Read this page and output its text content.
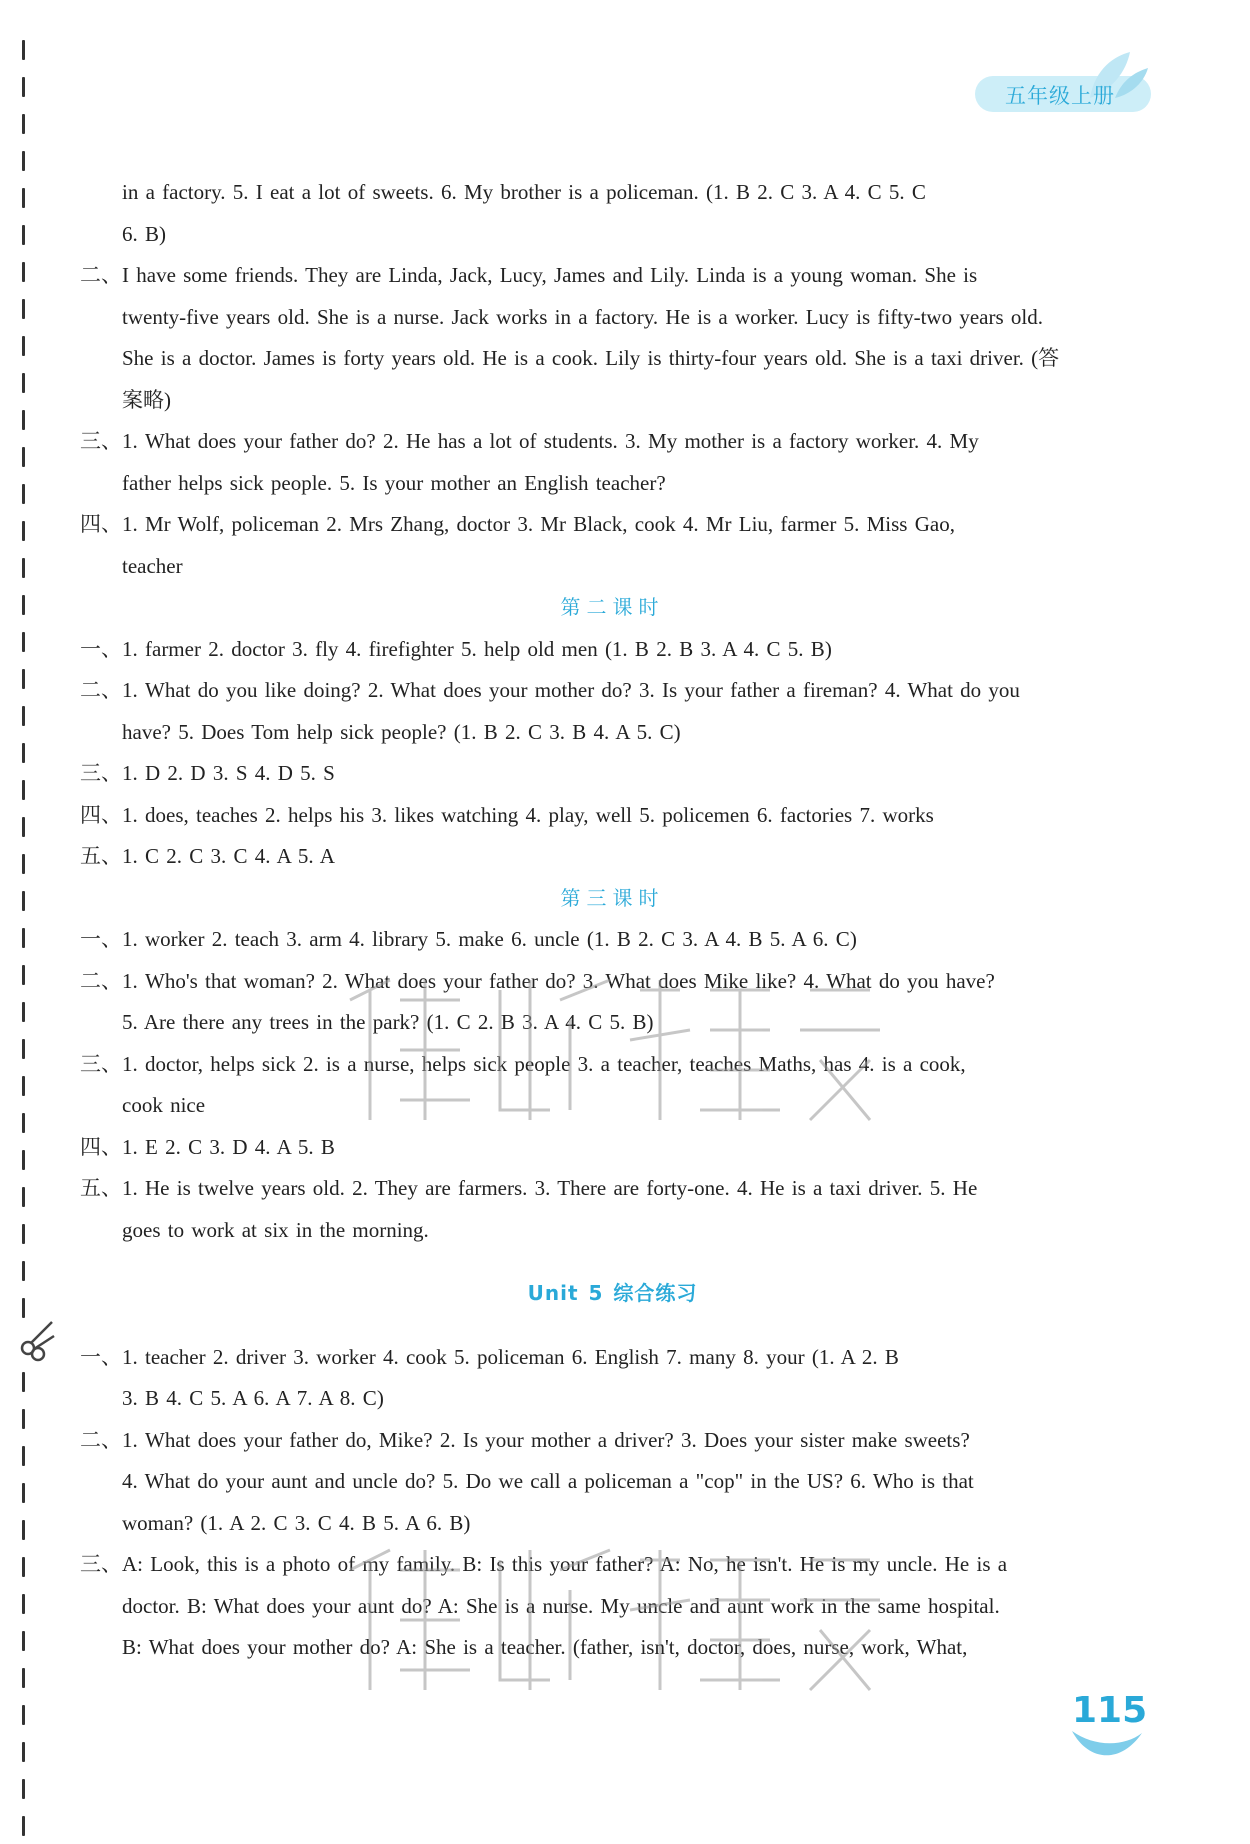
五年级上册
in a factory. 5. I eat a lot of sweets. 6. My brother is a policeman. (1. B 2. C 3. A 4. C 5. C
6. B)
二、I have some friends. They are Linda, Jack, Lucy, James and Lily. Linda is a young woman. She is
twenty-five years old. She is a nurse. Jack works in a factory. He is a worker. Lucy is fifty-two years old.
She is a doctor. James is forty years old. He is a cook. Lily is thirty-four years old. She is a taxi driver. (答
案略)
三、1. What does your father do? 2. He has a lot of students. 3. My mother is a factory worker. 4. My
father helps sick people. 5. Is your mother an English teacher?
四、1. Mr Wolf, policeman 2. Mrs Zhang, doctor 3. Mr Black, cook 4. Mr Liu, farmer 5. Miss Gao,
teacher
第二课时
一、1. farmer 2. doctor 3. fly 4. firefighter 5. help old men (1. B 2. B 3. A 4. C 5. B)
二、1. What do you like doing? 2. What does your mother do? 3. Is your father a fireman? 4. What do you
have? 5. Does Tom help sick people? (1. B 2. C 3. B 4. A 5. C)
三、1. D 2. D 3. S 4. D 5. S
四、1. does, teaches 2. helps his 3. likes watching 4. play, well 5. policemen 6. factories 7. works
五、1. C 2. C 3. C 4. A 5. A
第三课时
一、1. worker 2. teach 3. arm 4. library 5. make 6. uncle (1. B 2. C 3. A 4. B 5. A 6. C)
二、1. Who's that woman? 2. What does your father do? 3. What does Mike like? 4. What do you have?
5. Are there any trees in the park? (1. C 2. B 3. A 4. C 5. B)
三、1. doctor, helps sick 2. is a nurse, helps sick people 3. a teacher, teaches Maths, has 4. is a cook,
cook nice
四、1. E 2. C 3. D 4. A 5. B
五、1. He is twelve years old. 2. They are farmers. 3. There are forty-one. 4. He is a taxi driver. 5. He
goes to work at six in the morning.
Unit 5 综合练习
一、1. teacher 2. driver 3. worker 4. cook 5. policeman 6. English 7. many 8. your (1. A 2. B
3. B 4. C 5. A 6. A 7. A 8. C)
二、1. What does your father do, Mike? 2. Is your mother a driver? 3. Does your sister make sweets?
4. What do your aunt and uncle do? 5. Do we call a policeman a "cop" in the US? 6. Who is that
woman? (1. A 2. C 3. C 4. B 5. A 6. B)
三、A: Look, this is a photo of my family. B: Is this your father? A: No, he isn't. He is my uncle. He is a
doctor. B: What does your aunt do? A: She is a nurse. My uncle and aunt work in the same hospital.
B: What does your mother do? A: She is a teacher. (father, isn't, doctor, does, nurse, work, What,
115
